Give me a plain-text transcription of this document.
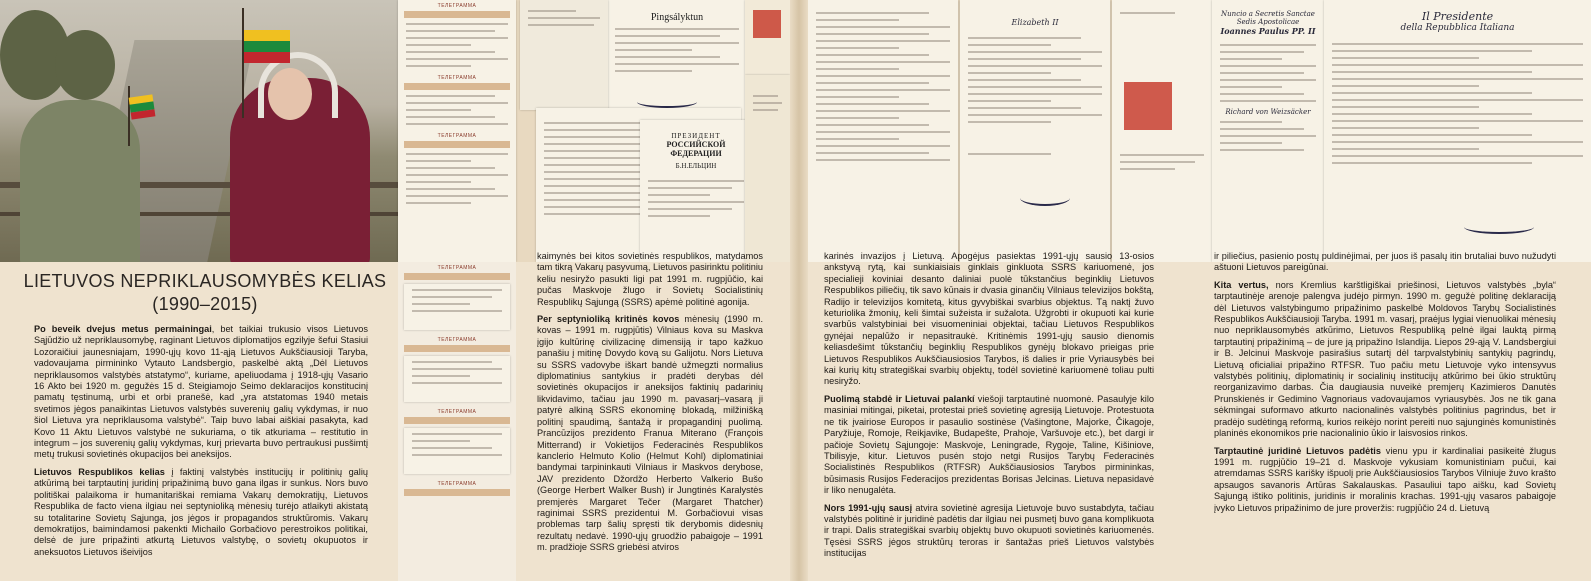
ТЕЛЕГРАММА
ТЕЛЕГРАММА
ТЕЛЕГРАММА
Pingsályktun
ПРЕЗИДЕНТ
РОССИЙСКОЙ
ФЕДЕРАЦИИ
Б.Н.ЕЛЬЦИН
Elizabeth II
Nuncio a Secretis Sanctae
Sedis Apostolicae
Ioannes Paulus PP. II
Richard von Weizsäcker
Il Presidente
della Repubblica Italiana
ТЕЛЕГРАММА
ТЕЛЕГРАММА
ТЕЛЕГРАММА
ТЕЛЕГРАММА
LIETUVOS NEPRIKLAUSOMYBĖS KELIAS
(1990–2015)

Po beveik dvejus metus permainingai, bet taikiai trukusio visos Lietuvos Sąjūdžio už nepriklausomybę, raginant Lietuvos diplomatijos egzilyje šefui Stasiui Lozoraičiui jaunesniajam, 1990-ųjų kovo 11-ąją Lietuvos Aukščiausioji Taryba, vadovaujama pirmininko Vytauto Landsbergio, paskelbė aktą „Dėl Lietuvos nepriklausomos valstybės atstatymo“, kuriame, apeliuodama į 1918-ųjų Vasario 16 Akto bei 1920 m. gegužės 15 d. Steigiamojo Seimo deklaracijos konstitucinį pamatų tęstinumą, urbi et orbi pranešė, kad „yra atstatomas 1940 metais svetimos jėgos panaikintas Lietuvos valstybės suverenių galių vykdymas, ir nuo šiol Lietuva yra nepriklausoma valstybė“. Taip buvo labai aiškiai pasakyta, kad Kovo 11 Aktu Lietuvos valstybė ne sukuriama, o tik atkuriama – restitutio in integrum – jos suverenių galių vykdymas, kurį prievarta buvo pertraukusi pusšimtį metų trukusi sovietinės okupacijos bei aneksijos.

Lietuvos Respublikos kelias į faktinį valstybės institucijų ir politinių galių atkūrimą bei tarptautinį juridinį pripažinimą buvo gana ilgas ir sunkus. Nors buvo politiškai palaikoma ir humanitariškai remiama Vakarų demokratijų, Lietuvos Respublika de facto viena ilgiau nei septynioliką mėnesių turėjo atlaikyti akistatą su totalitarine Sovietų Sąjunga, jos jėgos ir propagandos struktūromis. Vakarų demokratijos, baimindamosi pakenkti Michailo Gorbačiovo perestroikos politikai, delsė de jure pripažinti atkurtą Lietuvos valstybę, o sovietų okupuotos ir aneksuotos Lietuvos išeivijos

kaimynės bei kitos sovietinės respublikos, matydamos tam tikrą Vakarų pasyvumą, Lietuvos pasirinktu politiniu keliu nesiryžo pasukti ligi pat 1991 m. rugpjūčio, kai pučas Maskvoje žlugo ir Sovietų Socialistinių Respublikų Sąjungą (SSRS) apėmė politinė agonija.

Per septynioliką kritinės kovos mėnesių (1990 m. kovas – 1991 m. rugpjūtis) Vilniaus kova su Maskva įgijo kultūrinę civilizacinę dimensiją ir tapo kažkuo panašiu į mitinę Dovydo kovą su Galijotu. Nors Lietuva su SSRS vadovybe iškart bandė užmegzti normalius diplomatinius santykius ir pradėti derybas dėl sovietinės okupacijos ir aneksijos faktinių padarinių likvidavimo, tačiau jau 1990 m. pavasarį–vasarą ji patyrė alkiną SSRS ekonominę blokadą, milžinišką politinį spaudimą, šantažą ir propagandinį puolimą. Prancūzijos prezidento Franua Miterano (François Mitterrand) ir Vokietijos Federacinės Respublikos kanclerio Helmuto Kolio (Helmut Kohl) diplomatiniai bandymai tarpininkauti Vilniaus ir Maskvos derybose, JAV prezidento Džordžo Herberto Valkerio Bušo (George Herbert Walker Bush) ir Jungtinės Karalystės premjerės Margaret Tečer (Margaret Thatcher) raginimai SSRS prezidentui M. Gorbačiovui visas problemas tarp šalių spręsti tik derybomis didesnių rezultatų nedavė. 1990-ųjų gruodžio pabaigoje – 1991 m. pradžioje SSRS griebėsi atviros

karinės invazijos į Lietuvą. Apogėjus pasiektas 1991-ųjų sausio 13-osios ankstyvą rytą, kai sunkiaisiais ginklais ginkluota SSRS kariuomenė, jos specialieji koviniai desanto daliniai puolė tūkstančius beginklių Lietuvos Respublikos piliečių, tik savo kūnais ir dvasia ginančių Vilniaus televizijos bokštą, Radijo ir televizijos komitetą, kitus gyvybiškai svarbius objektus. Tą naktį žuvo keturiolika žmonių, keli šimtai sužeista ir sužalota. Užgrobti ir okupuoti kai kurie svarbūs valstybiniai bei visuomeniniai objektai, tačiau Lietuvos Respublikos gynėjai nepalūžo ir nepasitraukė. Kritinėmis 1991-ųjų sausio dienomis keliasdešimt tūkstančių beginklių Respublikos gynėjų blokavo prieigas prie Lietuvos Respublikos Aukščiausiosios Tarybos, iš dalies ir prie Vyriausybės bei kai kurių kitų strategiškai svarbių objektų, todėl sovietinė kariuomenė toliau pulti nesiryžo.

Puolimą stabdė ir Lietuvai palankí viešoji tarptautinė nuomonė. Pasaulyje kilo masiniai mitingai, piketai, protestai prieš sovietinę agresiją Lietuvoje. Protestuota ne tik įvairiose Europos ir pasaulio sostinėse (Vašingtone, Majorke, Čikagoje, Paryžiuje, Romoje, Reikjavike, Budapešte, Prahoje, Varšuvoje etc.), bet dargi ir pačioje Sovietų Sąjungoje: Maskvoje, Leningrade, Rygoje, Taline, Kišiniove, Tbilisyje, kitur. Lietuvos pusėn stojo netgi Rusijos Tarybų Federacinės Socialistinės Respublikos (RTFSR) Aukščiausiosios Tarybos pirmininkas, būsimasis Rusijos Federacijos prezidentas Borisas Jelcinas. Lietuva nepasidavė ir liko nenugalėta.

Nors 1991-ųjų sausį atvira sovietinė agresija Lietuvoje buvo sustabdyta, tačiau valstybės politinė ir juridinė padėtis dar ilgiau nei pusmetį buvo gana komplikuota ir trapi. Dalis strategiškai svarbių objektų buvo okupuoti sovietinės kariuomenės. Tęsėsi SSRS jėgos struktūrų teroras ir šantažas prieš Lietuvos valstybės institucijas

ir piliečius, pasienio postų puldinėjimai, per juos iš pasalų itin brutaliai buvo nužudyti aštuoni Lietuvos pareigūnai.

Kita vertus, nors Kremlius karštligiškai priešinosi, Lietuvos valstybės „byla“ tarptautinėje arenoje palengva judėjo pirmyn. 1990 m. gegužė politinę deklaraciją dėl Lietuvos valstybingumo pripažinimo paskelbė Moldovos Tarybų Socialistinės Respublikos Aukščiausioji Taryba. 1991 m. vasarį, praėjus lygiai vienuolikai mėnesių nuo nepriklausomybės atkūrimo, Lietuvos Respubliką pelnė ilgai lauktą pirmą tarptautinį pripažinimą – de jure ją pripažino Islandija. Liepos 29-ąją V. Landsbergiui ir B. Jelcinui Maskvoje pasirašius sutartį dėl tarpvalstybinių santykių pagrindų, Lietuvą oficialiai pripažino RTFSR. Tuo pačiu metu Lietuvoje vyko intensyvus valstybės politinių, diplomatinių ir socialinių institucijų atkūrimo bei ūkio struktūrų reorganizavimo darbas. Čia daugiausia nuveikė premjerų Kazimieros Danutės Prunskienės ir Gedimino Vagnoriaus vadovaujamos vyriausybės. Jos ne tik gana sėkmingai suformavo atkurto nacionalinės valstybės politinius pagrindus, bet ir pradėjo sudėtingą reformą, kurios reikėjo norint pereiti nuo sąjunginės komunistinės planinės ekonomikos prie nacionalinio ūkio ir laisvosios rinkos.

Tarptautinė juridinė Lietuvos padėtis vienu ypu ir kardinaliai pasikeitė žlugus 1991 m. rugpjūčio 19–21 d. Maskvoje vykusiam komunistiniam pučui, kai atremdamas SSRS karišky išpuolį prie Aukščiausiosios Tarybos Vilniuje žuvo krašto apsaugos savanoris Artūras Sakalauskas. Pasauliui tapo aišku, kad Sovietų Sąjungą ištiko politinis, juridinis ir moralinis krachas. 1991-ųjų vasaros pabaigoje įvyko Lietuvos pripažinimo de jure proveržis: rugpjūčio 24 d. Lietuvą
